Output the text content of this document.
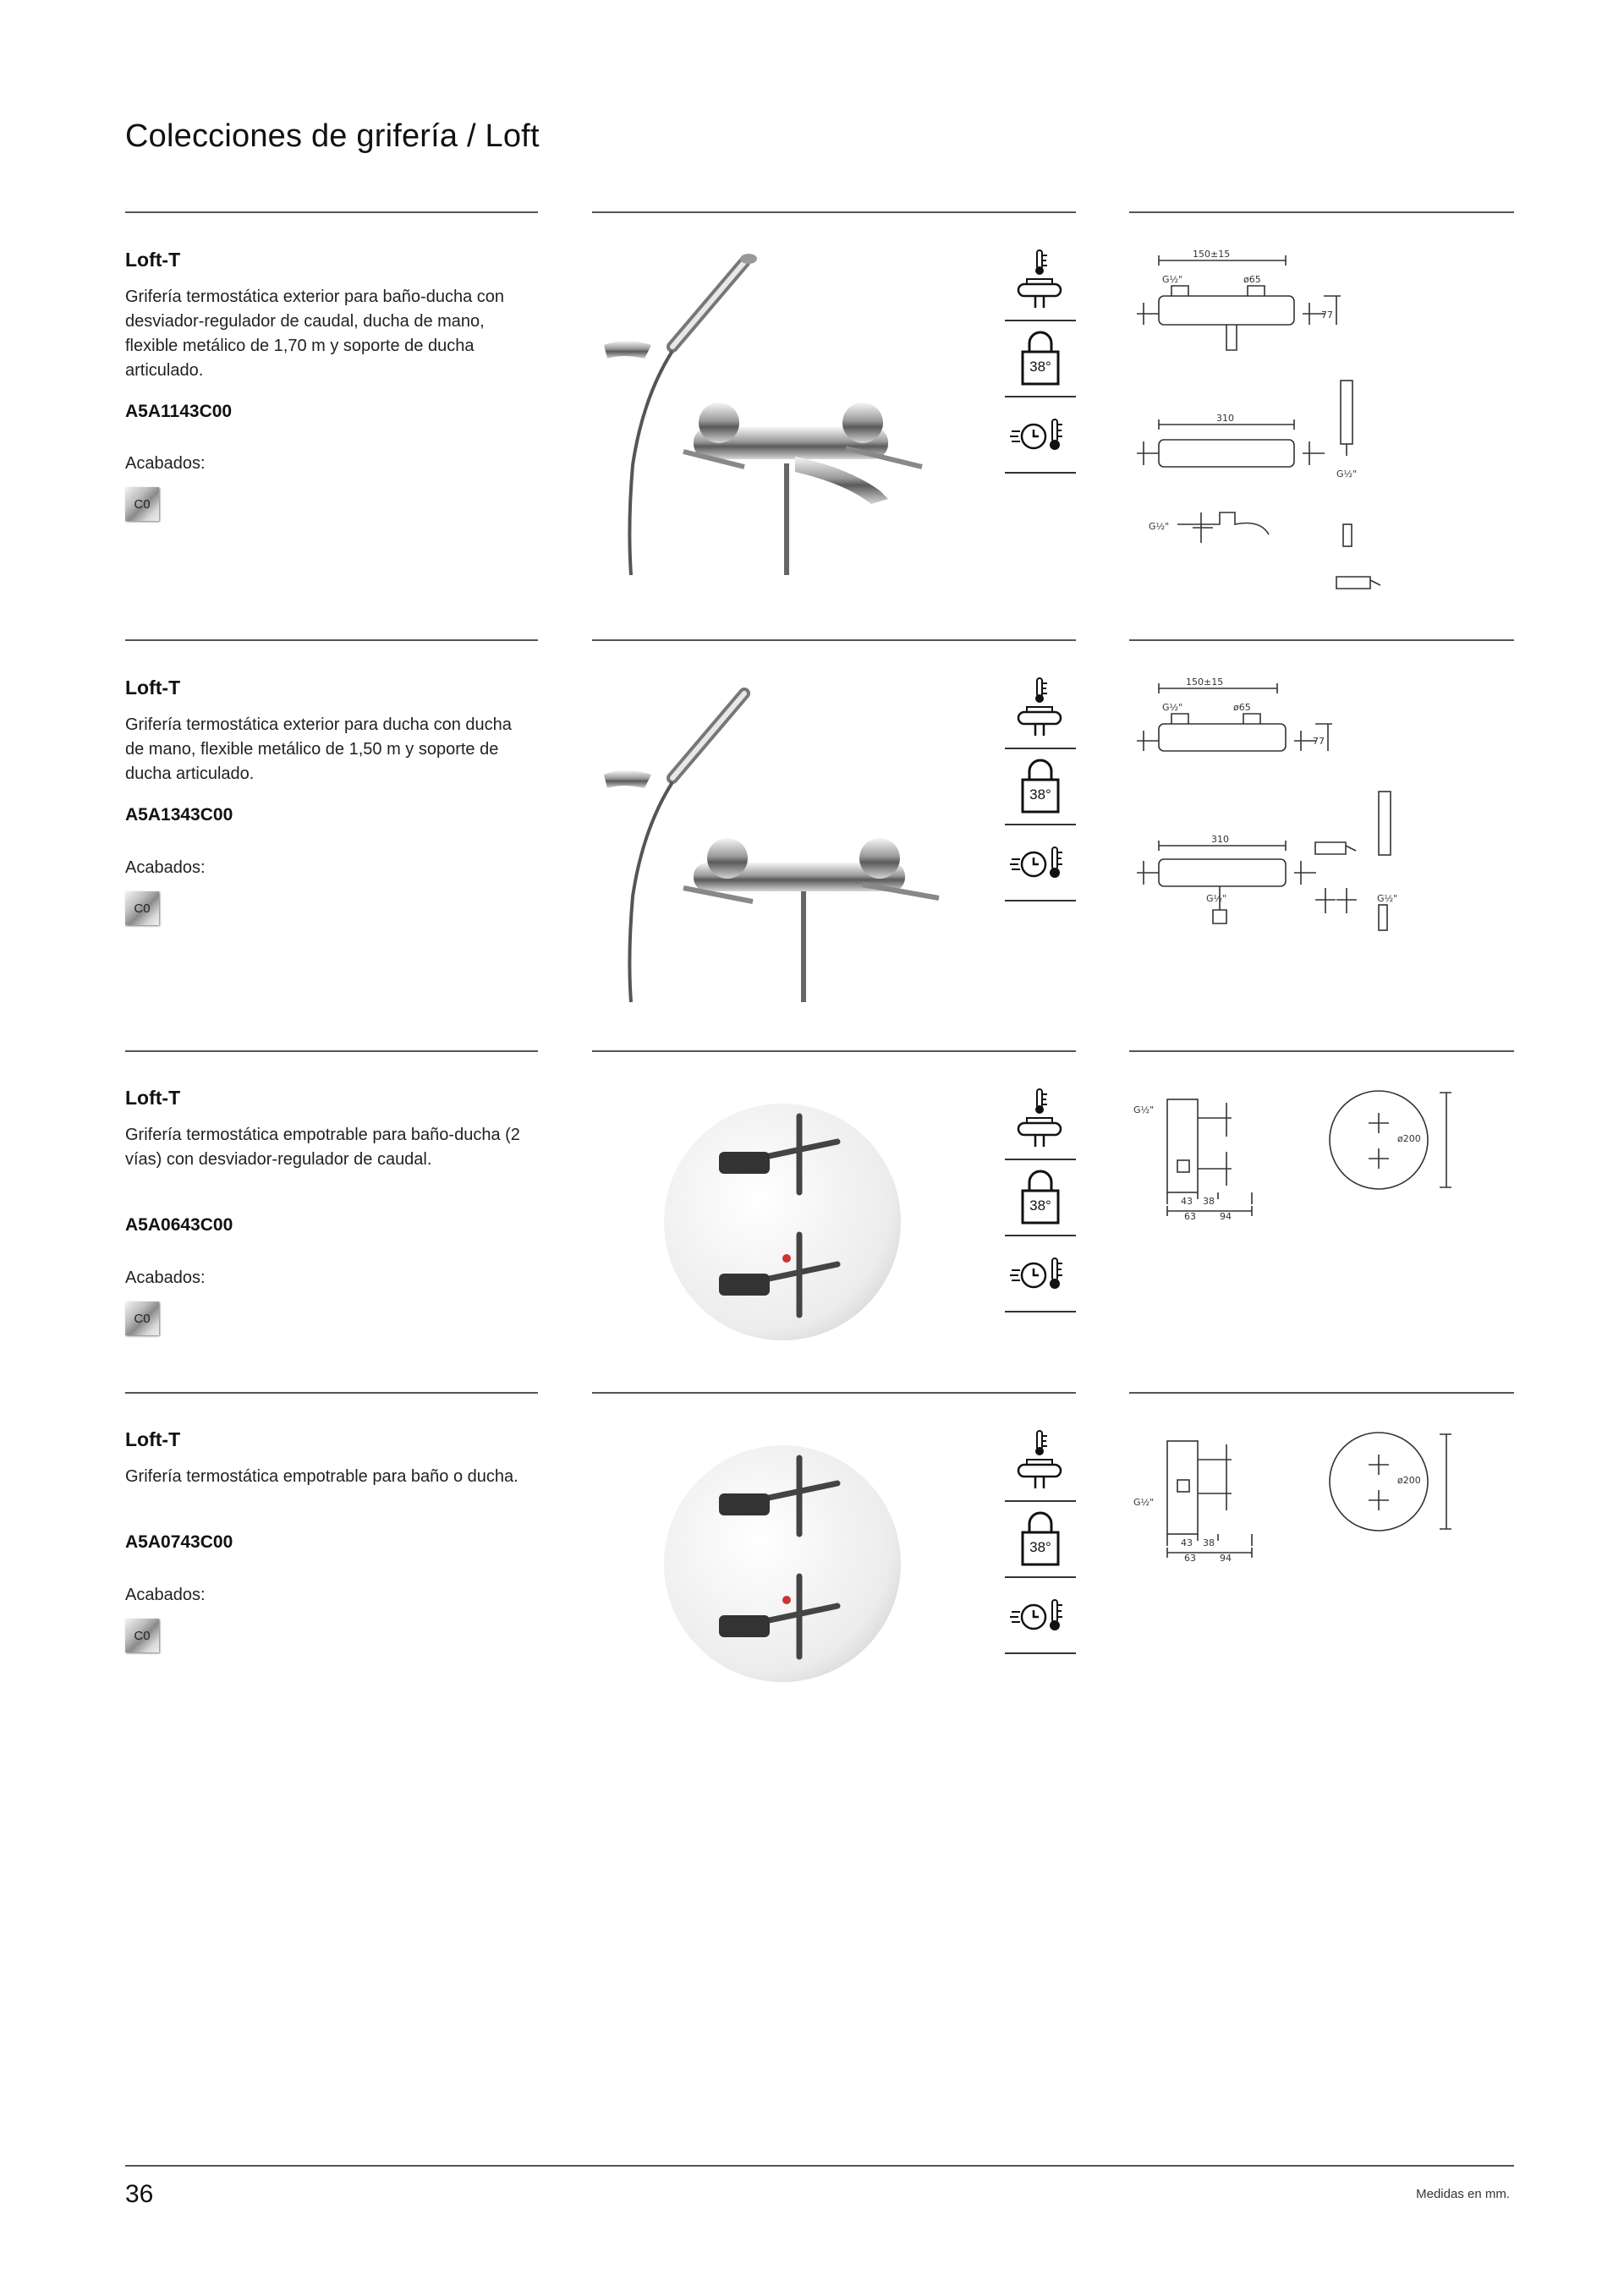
Colecciones de grifería / Loft
Loft-T
Grifería termostática exterior para baño-ducha con desviador-regulador de caudal, ducha de mano, flexible metálico de 1,70 m y soporte de ducha articulado.
A5A1143C00
Acabados:
C0
38°
150±15
G½"	ø65
77
310
G½"
G½"
Loft-T
Grifería termostática exterior para ducha con ducha de mano, flexible metálico de 1,50 m y soporte de ducha articulado.
A5A1343C00
Acabados:
C0
38°
150±15
G½"	ø65
77
310
G½"	G½"
Loft-T
Grifería termostática empotrable para baño-ducha (2 vías) con desviador-regulador de caudal.
A5A0643C00
Acabados:
C0
38°
G½"
43 38
63	94
ø200
Loft-T
Grifería termostática empotrable para baño o ducha.
A5A0743C00
Acabados:
C0
38°
G½"
43 38
63	94
ø200
36	Medidas en mm.
